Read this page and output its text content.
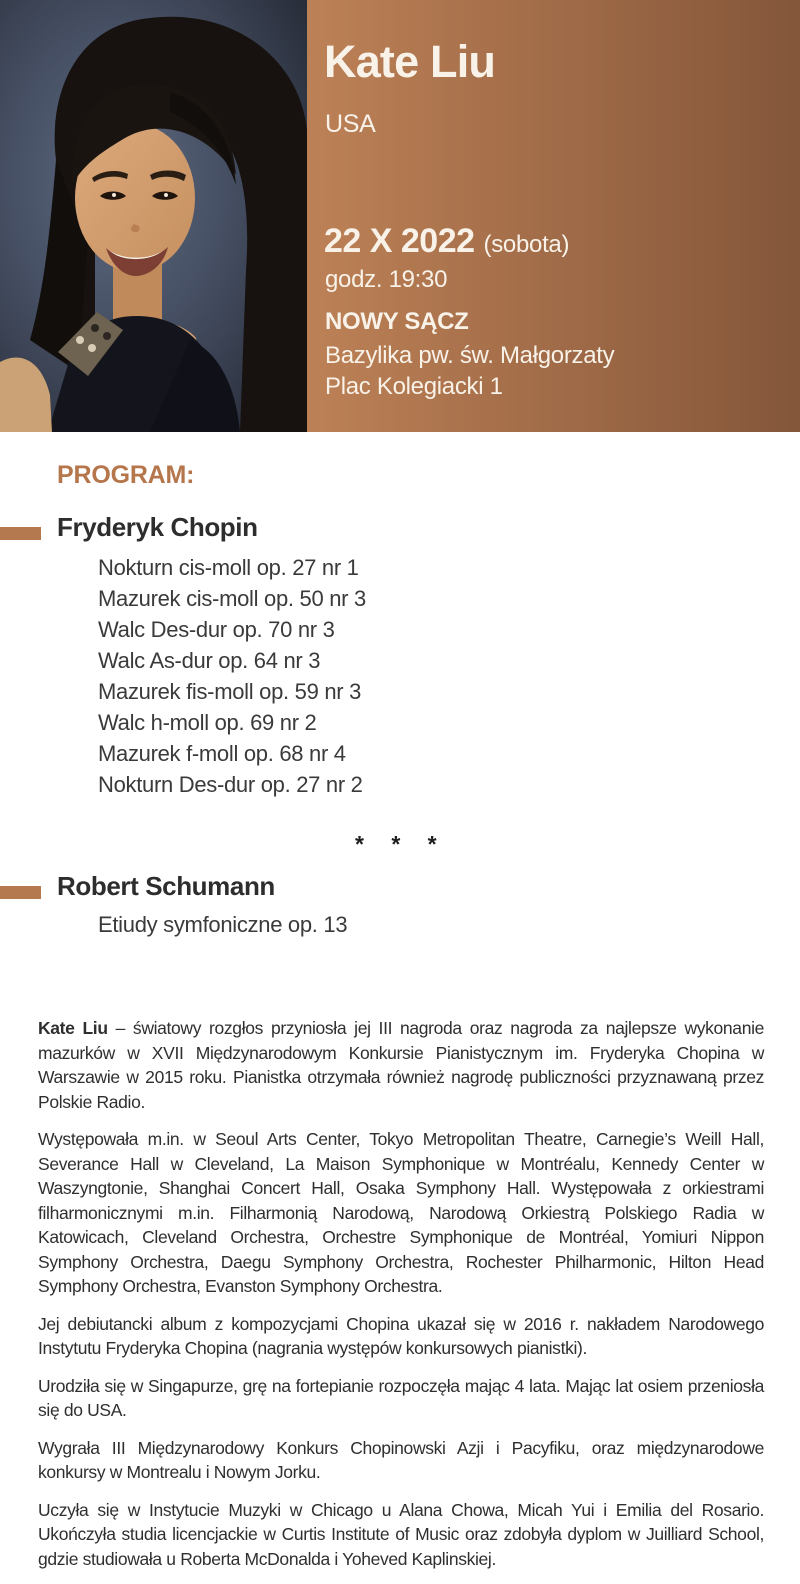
Kate Liu
USA
22 X 2022 (sobota)
godz. 19:30
NOWY SĄCZ
Bazylika pw. św. Małgorzaty
Plac Kolegiacki 1
PROGRAM:
Fryderyk Chopin
Nokturn cis-moll op. 27 nr 1
Mazurek cis-moll op. 50 nr 3
Walc Des-dur op. 70 nr 3
Walc As-dur op. 64 nr 3
Mazurek fis-moll op. 59 nr 3
Walc h-moll op. 69 nr 2
Mazurek f-moll op. 68 nr 4
Nokturn Des-dur op. 27 nr 2
* * *
Robert Schumann
Etiudy symfoniczne op. 13

Kate Liu – światowy rozgłos przyniosła jej III nagroda oraz nagroda za najlepsze wykonanie mazurków w XVII Międzynarodowym Konkursie Pianistycznym im. Fryderyka Chopina w Warszawie w 2015 roku. Pianistka otrzymała również nagrodę publiczności przyznawaną przez Polskie Radio.

Występowała m.in. w Seoul Arts Center, Tokyo Metropolitan Theatre, Carnegie’s Weill Hall, Severance Hall w Cleveland, La Maison Symphonique w Montréalu, Kennedy Center w Waszyngtonie, Shanghai Concert Hall, Osaka Symphony Hall. Występowała z orkiestrami filharmonicznymi m.in. Filharmonią Narodową, Narodową Orkiestrą Polskiego Radia w Katowicach, Cleveland Orchestra, Orchestre Symphonique de Montréal, Yomiuri Nippon Symphony Orchestra, Daegu Symphony Orchestra, Rochester Philharmonic, Hilton Head Symphony Orchestra, Evanston Symphony Orchestra.

Jej debiutancki album z kompozycjami Chopina ukazał się w 2016 r. nakładem Narodowego Instytutu Fryderyka Chopina (nagrania występów konkursowych pianistki).

Urodziła się w Singapurze, grę na fortepianie rozpoczęła mając 4 lata. Mając lat osiem przeniosła się do USA.

Wygrała III Międzynarodowy Konkurs Chopinowski Azji i Pacyfiku, oraz międzynarodowe konkursy w Montrealu i Nowym Jorku.

Uczyła się w Instytucie Muzyki w Chicago u Alana Chowa, Micah Yui i Emilia del Rosario. Ukończyła studia licencjackie w Curtis Institute of Music oraz zdobyła dyplom w Juilliard School, gdzie studiowała u Roberta McDonalda i Yoheved Kaplinskiej.
